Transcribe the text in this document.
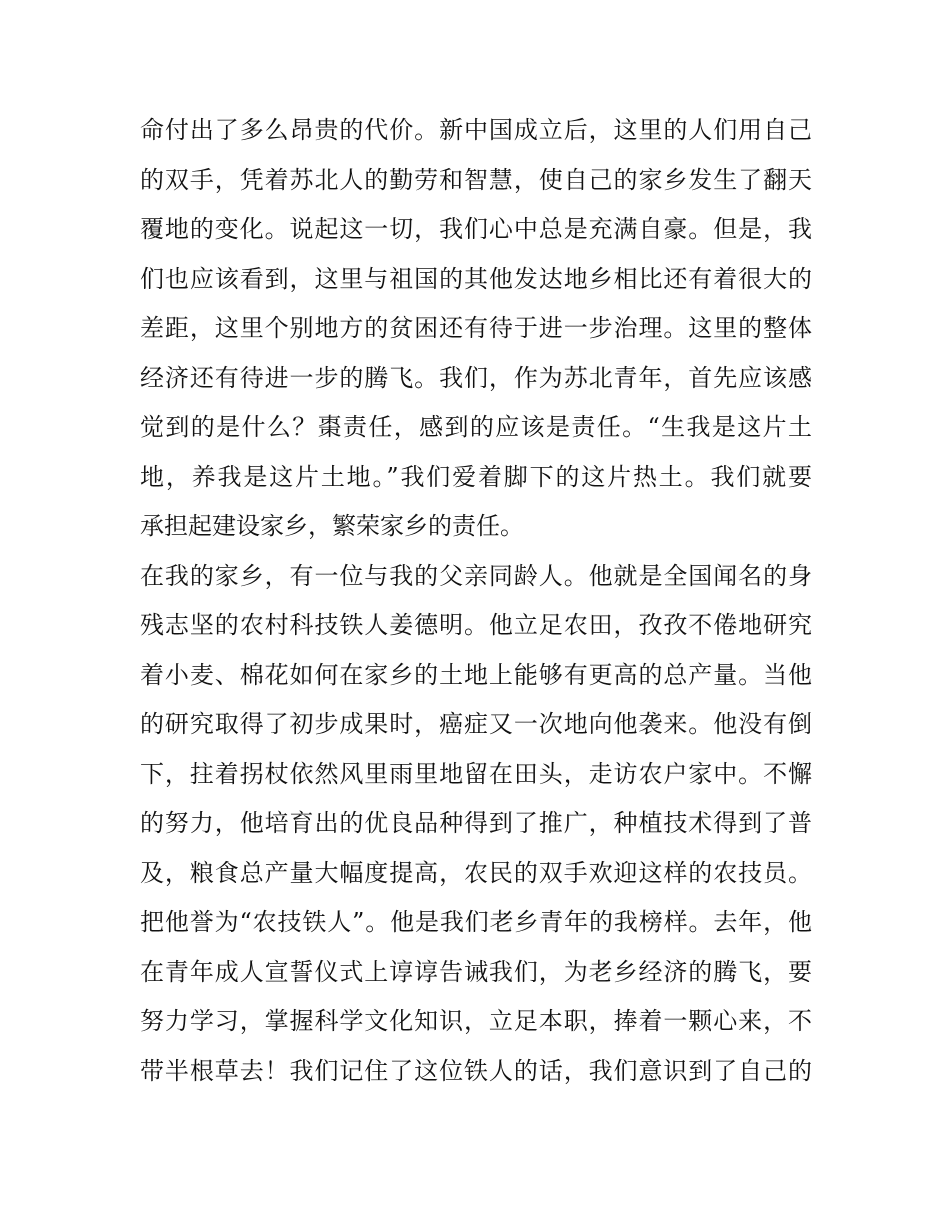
命付出了多么昂贵的代价。新中国成立后，这里的人们用自己
的双手，凭着苏北人的勤劳和智慧，使自己的家乡发生了翻天
覆地的变化。说起这一切，我们心中总是充满自豪。但是，我
们也应该看到，这里与祖国的其他发达地乡相比还有着很大的
差距，这里个别地方的贫困还有待于进一步治理。这里的整体
经济还有待进一步的腾飞。我们，作为苏北青年，首先应该感
觉到的是什么？棗责任，感到的应该是责任。“生我是这片土
地，养我是这片土地。”我们爱着脚下的这片热土。我们就要
承担起建设家乡，繁荣家乡的责任。
在我的家乡，有一位与我的父亲同龄人。他就是全国闻名的身
残志坚的农村科技铁人姜德明。他立足农田，孜孜不倦地研究
着小麦、棉花如何在家乡的土地上能够有更高的总产量。当他
的研究取得了初步成果时，癌症又一次地向他袭来。他没有倒
下，拄着拐杖依然风里雨里地留在田头，走访农户家中。不懈
的努力，他培育出的优良品种得到了推广，种植技术得到了普
及，粮食总产量大幅度提高，农民的双手欢迎这样的农技员。
把他誉为“农技铁人”。他是我们老乡青年的我榜样。去年，他
在青年成人宣誓仪式上谆谆告诫我们，为老乡经济的腾飞，要
努力学习，掌握科学文化知识，立足本职，捧着一颗心来，不
带半根草去！我们记住了这位铁人的话，我们意识到了自己的
